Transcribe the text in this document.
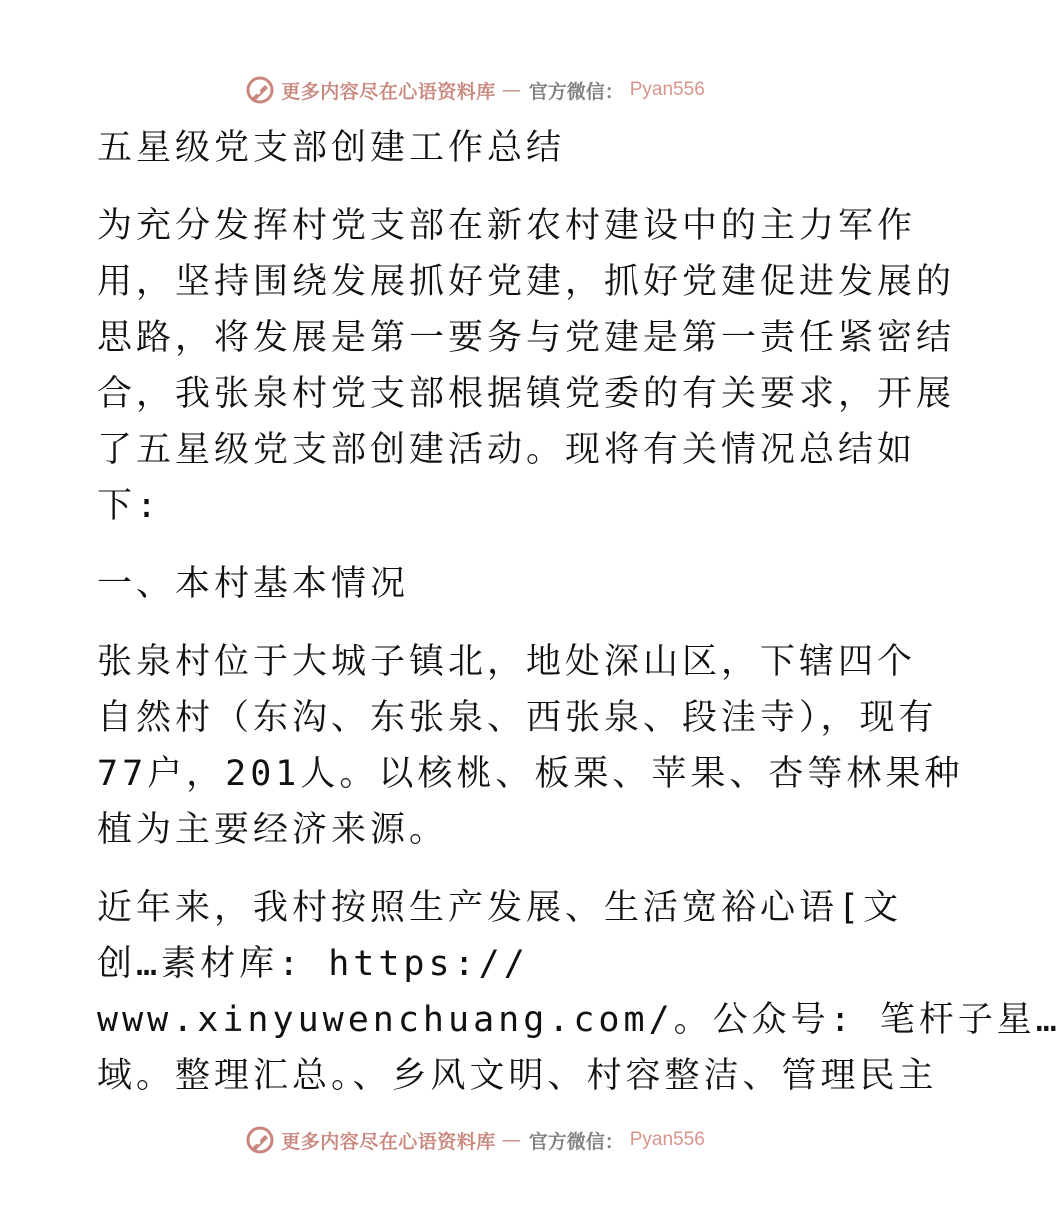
更多内容尽在心语资料库 — 官方微信： Pyan556
五星级党支部创建工作总结
为充分发挥村党支部在新农村建设中的主力军作
用，坚持围绕发展抓好党建，抓好党建促进发展的
思路，将发展是第一要务与党建是第一责任紧密结
合，我张泉村党支部根据镇党委的有关要求，开展
了五星级党支部创建活动。现将有关情况总结如
下:
一、本村基本情况
张泉村位于大城子镇北，地处深山区，下辖四个
自然村（东沟、东张泉、西张泉、段洼寺），现有
77户，201人。以核桃、板栗、苹果、杏等林果种
植为主要经济来源。
近年来，我村按照生产发展、生活宽裕心语[文
创…素材库: https://
www.xinyuwenchuang.com/。公众号: 笔杆子星…
域。整理汇总。、乡风文明、村容整洁、管理民主
更多内容尽在心语资料库 — 官方微信： Pyan556
